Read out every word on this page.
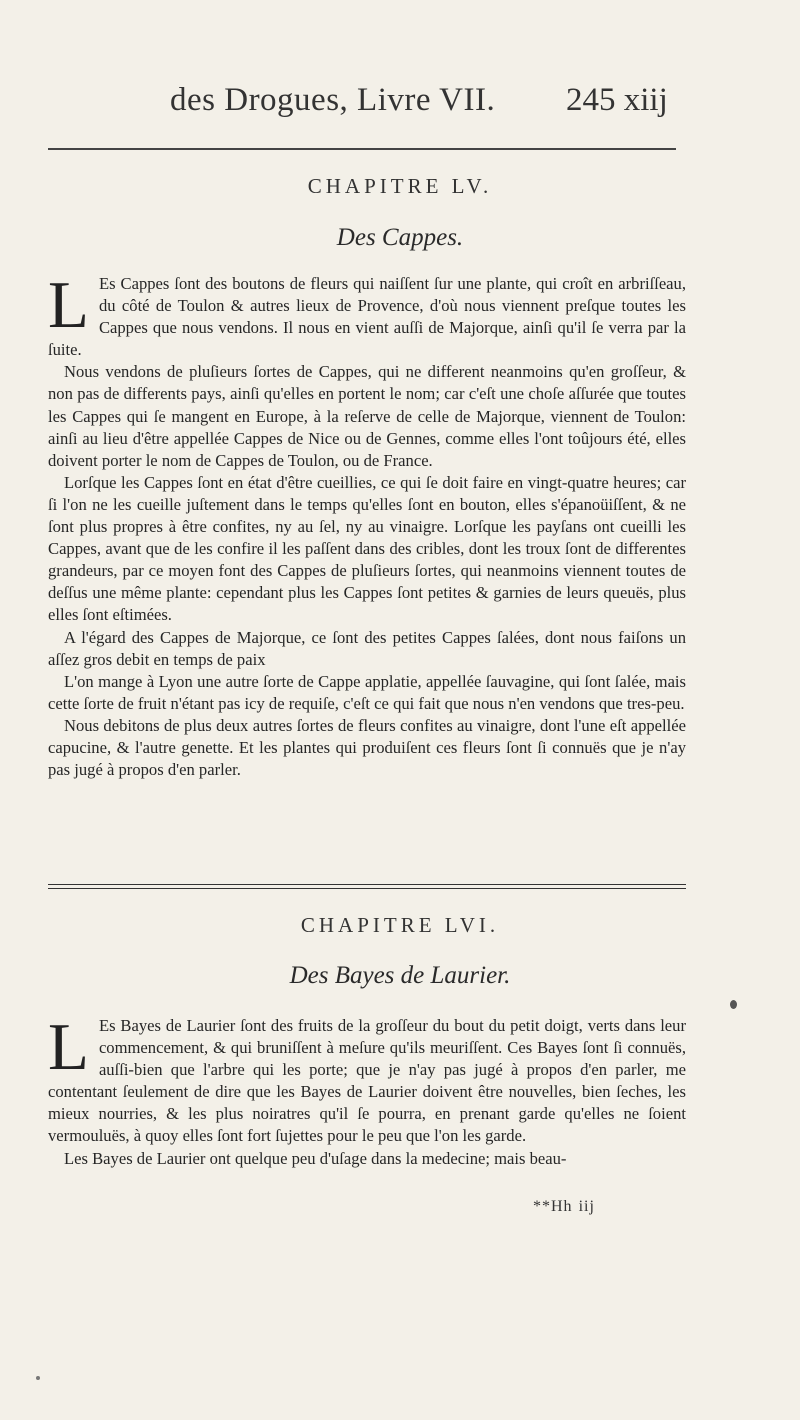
des Drogues, Livre VII. 245 xiij
CHAPITRE LV.
Des Cappes.

L Es Cappes ſont des boutons de fleurs qui naiſſent ſur une plante, qui croît en arbriſſeau, du côté de Toulon & autres lieux de Provence, d'où nous viennent preſque toutes les Cappes que nous vendons. Il nous en vient auſſi de Majorque, ainſi qu'il ſe verra par la ſuite.

Nous vendons de pluſieurs ſortes de Cappes, qui ne different neanmoins qu'en groſſeur, & non pas de differents pays, ainſi qu'elles en portent le nom; car c'eſt une choſe aſſurée que toutes les Cappes qui ſe mangent en Europe, à la reſerve de celle de Majorque, viennent de Toulon: ainſi au lieu d'être appellée Cappes de Nice ou de Gennes, comme elles l'ont toûjours été, elles doivent porter le nom de Cappes de Toulon, ou de France.

Lorſque les Cappes ſont en état d'être cueillies, ce qui ſe doit faire en vingt-quatre heures; car ſi l'on ne les cueille juſtement dans le temps qu'elles ſont en bouton, elles s'épanoüiſſent, & ne ſont plus propres à être confites, ny au ſel, ny au vinaigre. Lorſque les payſans ont cueilli les Cappes, avant que de les confire il les paſſent dans des cribles, dont les troux ſont de differentes grandeurs, par ce moyen font des Cappes de pluſieurs ſortes, qui neanmoins viennent toutes de deſſus une même plante: cependant plus les Cappes ſont petites & garnies de leurs queuës, plus elles ſont eſtimées.

A l'égard des Cappes de Majorque, ce ſont des petites Cappes ſalées, dont nous faiſons un aſſez gros debit en temps de paix

L'on mange à Lyon une autre ſorte de Cappe applatie, appellée ſauvagine, qui ſont ſalée, mais cette ſorte de fruit n'étant pas icy de requiſe, c'eſt ce qui fait que nous n'en vendons que tres-peu.

Nous debitons de plus deux autres ſortes de fleurs confites au vinaigre, dont l'une eſt appellée capucine, & l'autre genette. Et les plantes qui produiſent ces fleurs ſont ſi connuës que je n'ay pas jugé à propos d'en parler.

CHAPITRE LVI.
Des Bayes de Laurier.

L Es Bayes de Laurier ſont des fruits de la groſſeur du bout du petit doigt, verts dans leur commencement, & qui bruniſſent à meſure qu'ils meuriſſent. Ces Bayes ſont ſi connuës, auſſi-bien que l'arbre qui les porte; que je n'ay pas jugé à propos d'en parler, me contentant ſeulement de dire que les Bayes de Laurier doivent être nouvelles, bien ſeches, les mieux nourries, & les plus noiratres qu'il ſe pourra, en prenant garde qu'elles ne ſoient vermouluës, à quoy elles ſont fort ſujettes pour le peu que l'on les garde.

Les Bayes de Laurier ont quelque peu d'uſage dans la medecine; mais beau-

**Hh iij
